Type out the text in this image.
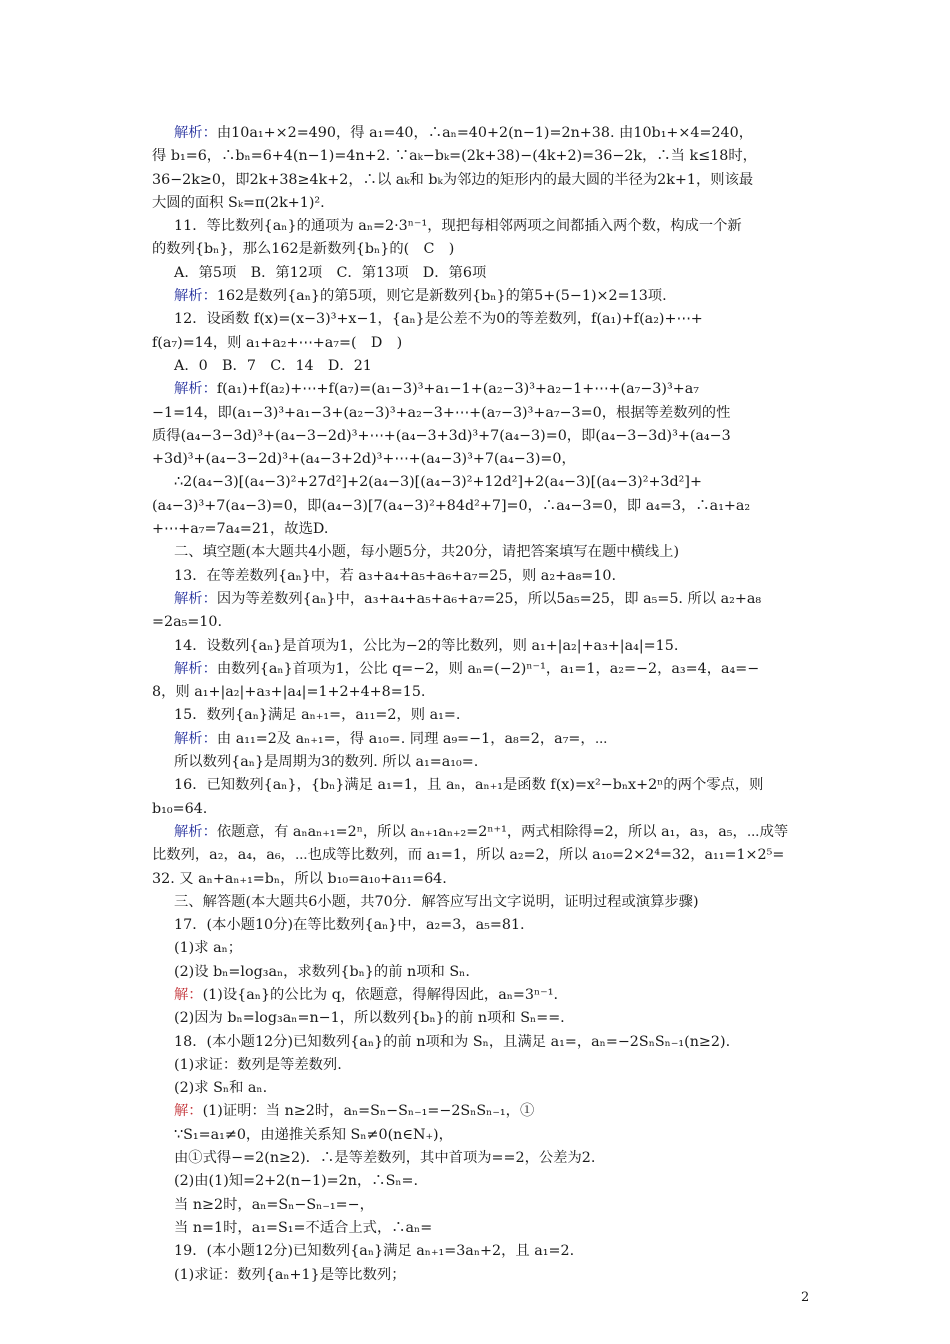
解析：由10a₁+×2=490，得 a₁=40，∴aₙ=40+2(n−1)=2n+38. 由10b₁+×4=240，
得 b₁=6，∴bₙ=6+4(n−1)=4n+2. ∵aₖ−bₖ=(2k+38)−(4k+2)=36−2k，∴当 k≤18时，
36−2k≥0，即2k+38≥4k+2，∴以 aₖ和 bₖ为邻边的矩形内的最大圆的半径为2k+1，则该最
大圆的面积 Sₖ=π(2k+1)².
11．等比数列{aₙ}的通项为 aₙ=2·3ⁿ⁻¹，现把每相邻两项之间都插入两个数，构成一个新
的数列{bₙ}，那么162是新数列{bₙ}的(　C　)
A．第5项　B．第12项　C．第13项　D．第6项
解析：162是数列{aₙ}的第5项，则它是新数列{bₙ}的第5+(5−1)×2=13项.
12．设函数 f(x)=(x−3)³+x−1，{aₙ}是公差不为0的等差数列，f(a₁)+f(a₂)+⋯+
f(a₇)=14，则 a₁+a₂+⋯+a₇=(　D　)
A．0　B．7　C．14　D．21
解析：f(a₁)+f(a₂)+⋯+f(a₇)=(a₁−3)³+a₁−1+(a₂−3)³+a₂−1+⋯+(a₇−3)³+a₇
−1=14，即(a₁−3)³+a₁−3+(a₂−3)³+a₂−3+⋯+(a₇−3)³+a₇−3=0，根据等差数列的性
质得(a₄−3−3d)³+(a₄−3−2d)³+⋯+(a₄−3+3d)³+7(a₄−3)=0，即(a₄−3−3d)³+(a₄−3
+3d)³+(a₄−3−2d)³+(a₄−3+2d)³+⋯+(a₄−3)³+7(a₄−3)=0，
∴2(a₄−3)[(a₄−3)²+27d²]+2(a₄−3)[(a₄−3)²+12d²]+2(a₄−3)[(a₄−3)²+3d²]+
(a₄−3)³+7(a₄−3)=0，即(a₄−3)[7(a₄−3)²+84d²+7]=0，∴a₄−3=0，即 a₄=3，∴a₁+a₂
+⋯+a₇=7a₄=21，故选D.
二、填空题(本大题共4小题，每小题5分，共20分，请把答案填写在题中横线上)
13．在等差数列{aₙ}中，若 a₃+a₄+a₅+a₆+a₇=25，则 a₂+a₈=10.
解析：因为等差数列{aₙ}中，a₃+a₄+a₅+a₆+a₇=25，所以5a₅=25，即 a₅=5. 所以 a₂+a₈
=2a₅=10.
14．设数列{aₙ}是首项为1，公比为−2的等比数列，则 a₁+|a₂|+a₃+|a₄|=15.
解析：由数列{aₙ}首项为1，公比 q=−2，则 aₙ=(−2)ⁿ⁻¹，a₁=1，a₂=−2，a₃=4，a₄=−
8，则 a₁+|a₂|+a₃+|a₄|=1+2+4+8=15.
15．数列{aₙ}满足 aₙ₊₁=，a₁₁=2，则 a₁=.
解析：由 a₁₁=2及 aₙ₊₁=，得 a₁₀=. 同理 a₉=−1，a₈=2，a₇=，⋯
所以数列{aₙ}是周期为3的数列. 所以 a₁=a₁₀=.
16．已知数列{aₙ}，{bₙ}满足 a₁=1，且 aₙ，aₙ₊₁是函数 f(x)=x²−bₙx+2ⁿ的两个零点，则
b₁₀=64.
解析：依题意，有 aₙaₙ₊₁=2ⁿ，所以 aₙ₊₁aₙ₊₂=2ⁿ⁺¹，两式相除得=2，所以 a₁，a₃，a₅，⋯成等
比数列，a₂，a₄，a₆，⋯也成等比数列，而 a₁=1，所以 a₂=2，所以 a₁₀=2×2⁴=32，a₁₁=1×2⁵=
32. 又 aₙ+aₙ₊₁=bₙ，所以 b₁₀=a₁₀+a₁₁=64.
三、解答题(本大题共6小题，共70分．解答应写出文字说明，证明过程或演算步骤)
17．(本小题10分)在等比数列{aₙ}中，a₂=3，a₅=81.
(1)求 aₙ；
(2)设 bₙ=log₃aₙ，求数列{bₙ}的前 n项和 Sₙ.
解：(1)设{aₙ}的公比为 q，依题意，得解得因此，aₙ=3ⁿ⁻¹.
(2)因为 bₙ=log₃aₙ=n−1，所以数列{bₙ}的前 n项和 Sₙ==.
18．(本小题12分)已知数列{aₙ}的前 n项和为 Sₙ，且满足 a₁=，aₙ=−2SₙSₙ₋₁(n≥2).
(1)求证：数列是等差数列.
(2)求 Sₙ和 aₙ.
解：(1)证明：当 n≥2时，aₙ=Sₙ−Sₙ₋₁=−2SₙSₙ₋₁，①
∵S₁=a₁≠0，由递推关系知 Sₙ≠0(n∈N₊)，
由①式得−=2(n≥2)．∴是等差数列，其中首项为==2，公差为2.
(2)由(1)知=2+2(n−1)=2n，∴Sₙ=.
当 n≥2时，aₙ=Sₙ−Sₙ₋₁=−，
当 n=1时，a₁=S₁=不适合上式，∴aₙ=
19．(本小题12分)已知数列{aₙ}满足 aₙ₊₁=3aₙ+2，且 a₁=2.
(1)求证：数列{aₙ+1}是等比数列；
2
